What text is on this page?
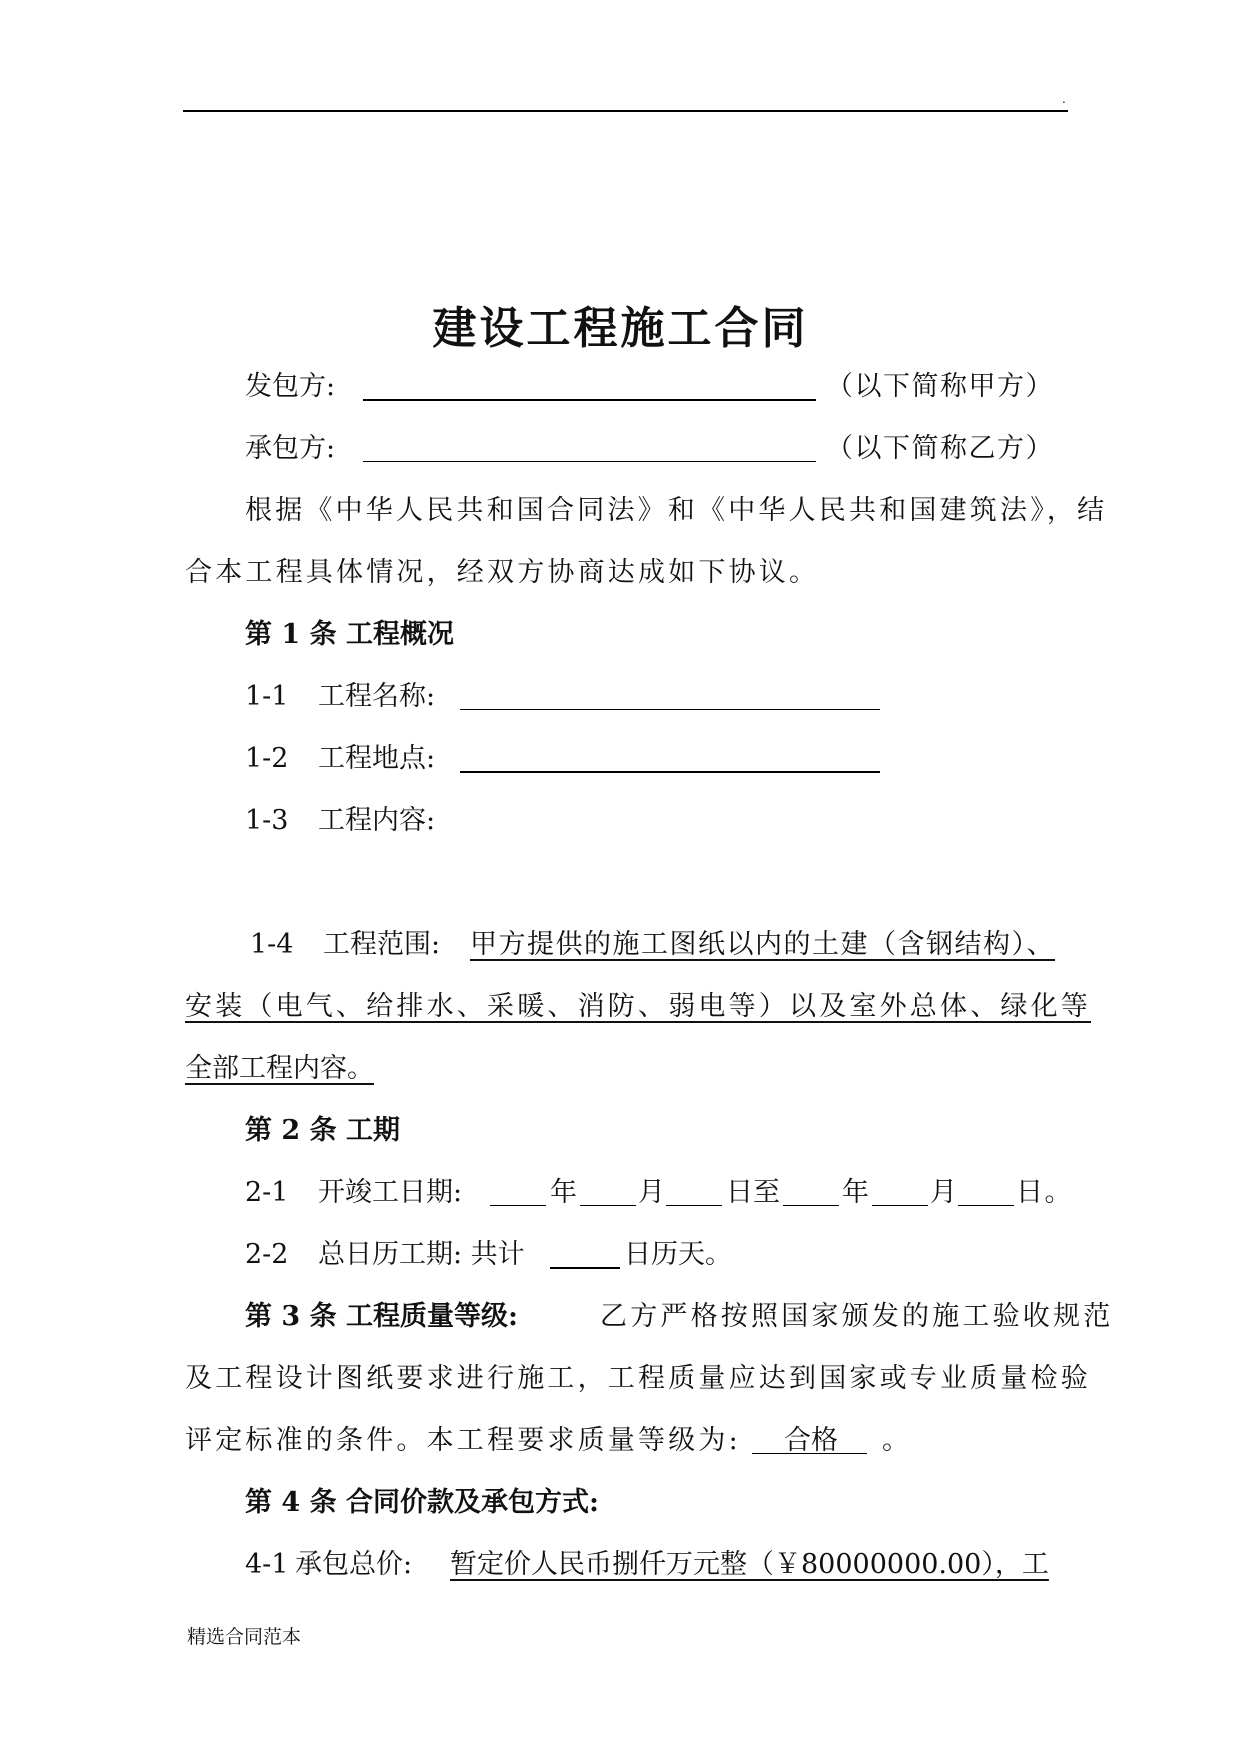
.
建设工程施工合同
发包方:	（以下简称甲方）
承包方:	（以下简称乙方）
根据《中华人民共和国合同法》和《中华人民共和国建筑法》，结
合本工程具体情况，经双方协商达成如下协议。
第 1 条 工程概况
1-1 工程名称:
1-2 工程地点:
1-3 工程内容:
1-4 工程范围: 甲方提供的施工图纸以内的土建（含钢结构）、
安装（电气、给排水、采暖、消防、弱电等）以及室外总体、绿化等
全部工程内容。
第 2 条 工期
2-1 开竣工日期:	年 月 日至 年 月 日。
2-2 总日历工期: 共计	日历天。
第 3 条 工程质量等级:	乙方严格按照国家颁发的施工验收规范
及工程设计图纸要求进行施工，工程质量应达到国家或专业质量检验
评定标准的条件。本工程要求质量等级为: 合格 。
第 4 条 合同价款及承包方式:
4-1 承包总价: 暂定价人民币捌仟万元整（￥80000000.00），工
精选合同范本
